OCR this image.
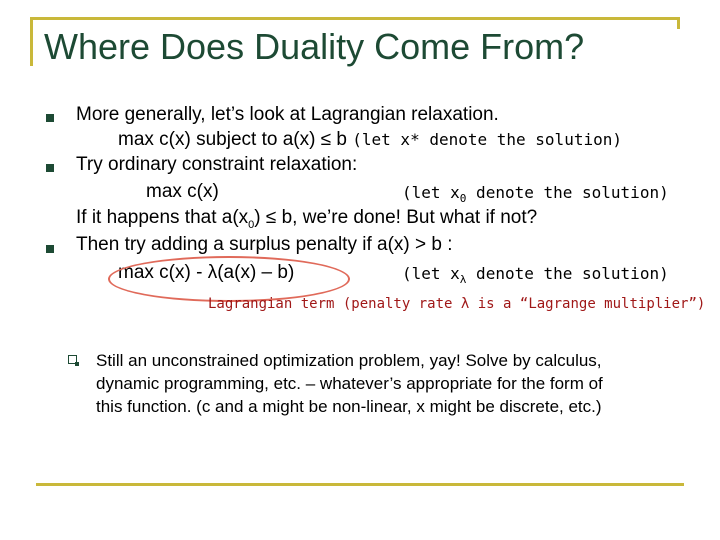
Where Does Duality Come From?
More generally, let’s look at Lagrangian relaxation.
max c(x) subject to a(x) ≤ b (let x* denote the solution)
Try ordinary constraint relaxation:
max c(x)	(let $x_0$ denote the solution)
If it happens that $a(x_0) \le b$, we’re done! But what if not?
Then try adding a surplus penalty if a(x) > b :
max c(x) - λ(a(x) – b)	(let $x_\lambda$ denote the solution)
Lagrangian term (penalty rate λ is a “Lagrange multiplier”)
Still an unconstrained optimization problem, yay! Solve by calculus,
dynamic programming, etc. – whatever’s appropriate for the form of
this function. (c and a might be non-linear, x might be discrete, etc.)
